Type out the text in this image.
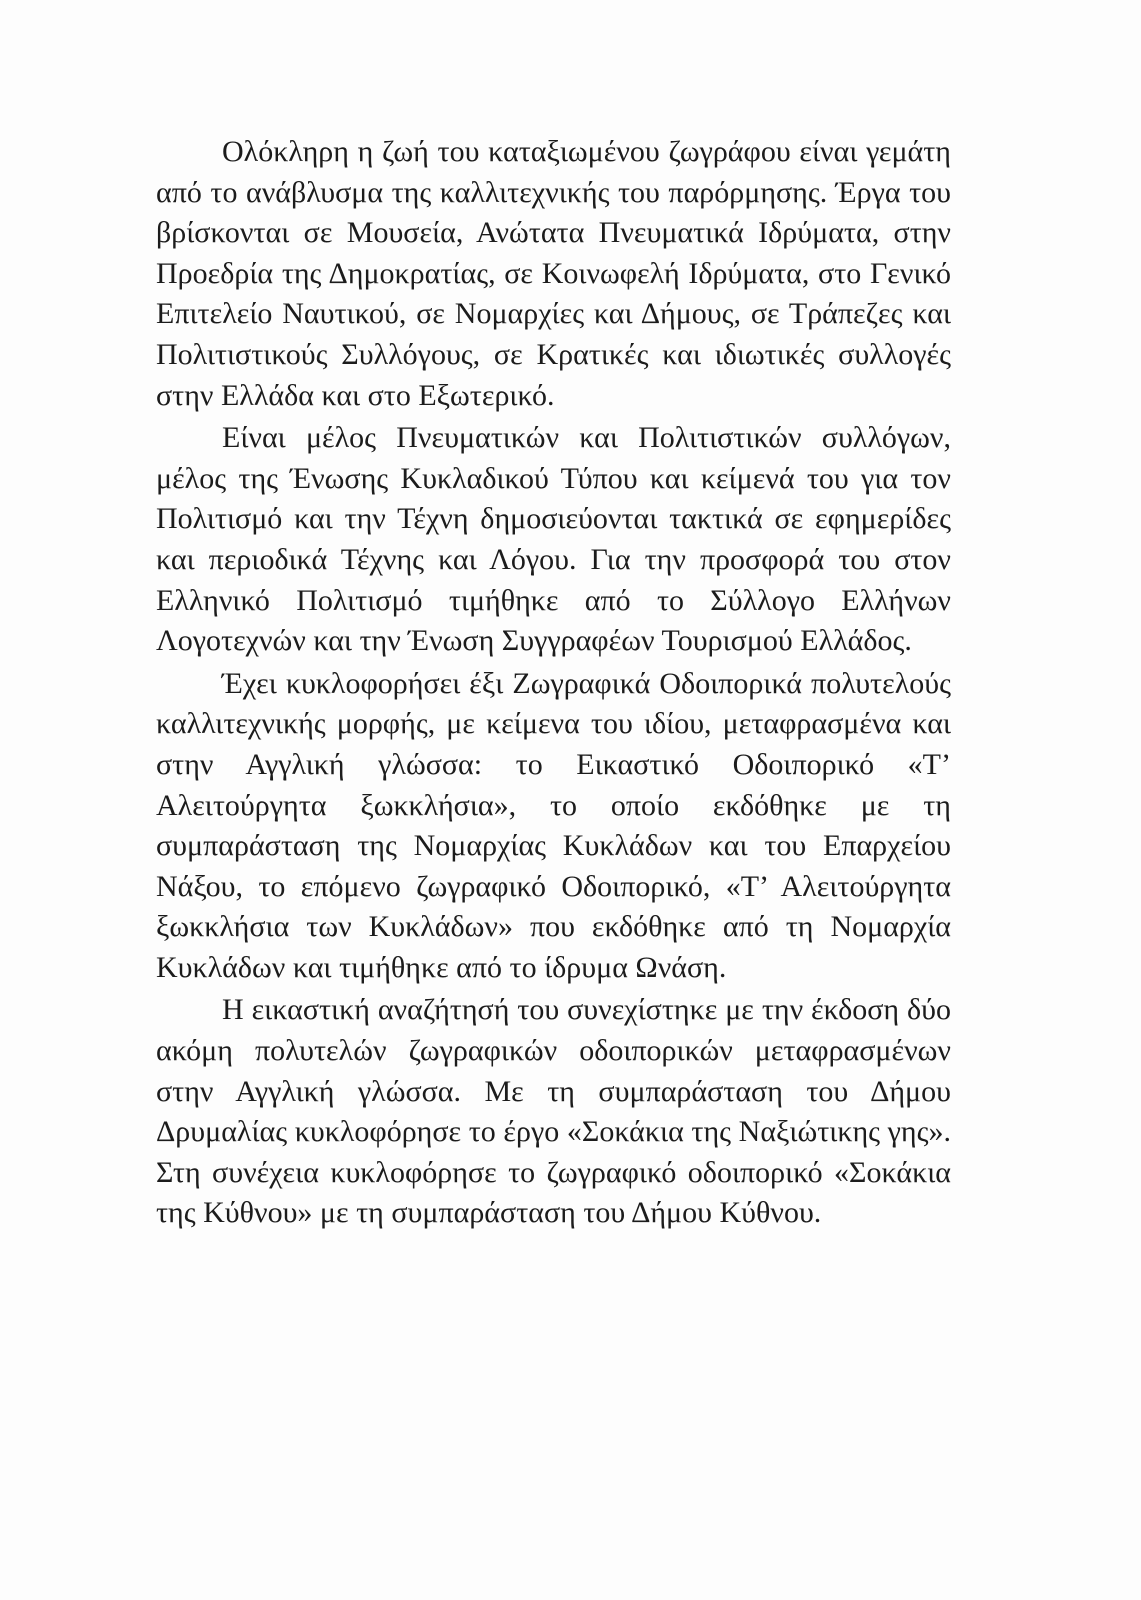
Ολόκληρη η ζωή του καταξιωμένου ζωγράφου είναι γεμάτη από το ανάβλυσμα της καλλιτεχνικής του παρόρμησης. Έργα του βρίσκονται σε Μουσεία, Ανώτατα Πνευματικά Ιδρύματα, στην Προεδρία της Δημοκρατίας, σε Κοινωφελή Ιδρύματα, στο Γενικό Επιτελείο Ναυτικού, σε Νομαρχίες και Δήμους, σε Τράπεζες και Πολιτιστικούς Συλλόγους, σε Κρατικές και ιδιωτικές συλλογές στην Ελλάδα και στο Εξωτερικό.

Είναι μέλος Πνευματικών και Πολιτιστικών συλλόγων, μέλος της Ένωσης Κυκλαδικού Τύπου και κείμενά του για τον Πολιτισμό και την Τέχνη δημοσιεύονται τακτικά σε εφημερίδες και περιοδικά Τέχνης και Λόγου. Για την προσφορά του στον Ελληνικό Πολιτισμό τιμήθηκε από το Σύλλογο Ελλήνων Λογοτεχνών και την Ένωση Συγγραφέων Τουρισμού Ελλάδος.

Έχει κυκλοφορήσει έξι Ζωγραφικά Οδοιπορικά πολυτελούς καλλιτεχνικής μορφής, με κείμενα του ιδίου, μεταφρασμένα και στην Αγγλική γλώσσα: το Εικαστικό Οδοιπορικό «Τ’ Αλειτούργητα ξωκκλήσια», το οποίο εκδόθηκε με τη συμπαράσταση της Νομαρχίας Κυκλάδων και του Επαρχείου Νάξου, το επόμενο ζωγραφικό Οδοιπορικό, «Τ’ Αλειτούργητα ξωκκλήσια των Κυκλάδων» που εκδόθηκε από τη Νομαρχία Κυκλάδων και τιμήθηκε από το ίδρυμα Ωνάση.

Η εικαστική αναζήτησή του συνεχίστηκε με την έκδοση δύο ακόμη πολυτελών ζωγραφικών οδοιπορικών μεταφρασμένων στην Αγγλική γλώσσα. Με τη συμπαράσταση του Δήμου Δρυμαλίας κυκλοφόρησε το έργο «Σοκάκια της Ναξιώτικης γης». Στη συνέχεια κυκλοφόρησε το ζωγραφικό οδοιπορικό «Σοκάκια της Κύθνου» με τη συμπαράσταση του Δήμου Κύθνου.
